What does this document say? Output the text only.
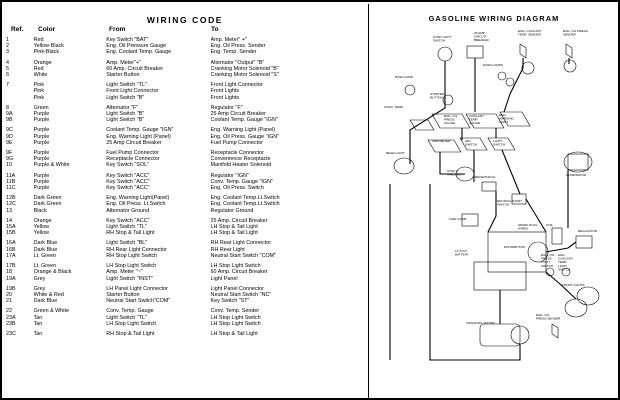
WIRING CODE
Ref. Color	From	To
1	Red	Key Switch "BAT"	Amp. Meter" +"
2	Yellow-Black	Eng. Oil Pressure Gauge	Eng. Oil Press. Sender
3	Pink-Black	Eng. Coolant Temp. Gauge	Eng. Temp. Sender

4	Orange	Amp. Meter"+"	Alternator "Output" "B"
5	Red	60 Amp. Circuit Breaker	Cranking Motor Solenoid "B"
6	White	Starter Button	Cranking Motor Solenoid "S"

7	Pink	Light Switch "TL"	Front Light Connector
	Pink	Front Light Connector	Front Lights
	Pink	Light Switch "B"	Front Lights

8	Green	Alternator "F"	Regulator "F"
9A	Purple	Light Switch "B"	25 Amp Circuit Breaker
9B	Purple	Light Switch "B"	Coolant Temp. Gauge "IGN"

9C	Purple	Coolant Temp. Gauge "IGN"	Eng. Warning Light (Panel)
9D	Purple	Eng. Warning Light (Panel)	Eng. Oil Press. Gauge "IGN"
9E	Purple	25 Amp Circuit Breaker	Fuel Pump Connector

9F	Purple	Fuel Pump Connector	Receptacle Connector
9G	Purple	Receptacle Connector	Convenience Receptacle
10	Purple & White	Key Switch "SOL"	Manifold Heater Solenoid

11A	Purple	Key Switch "ACC"	Regulator "IGN"
11B	Purple	Key Switch "ACC"	Conv. Temp. Gauge "IGN"
11C	Purple	Key Switch "ACC"	Eng. Oil Press. Switch

12B	Dark Green	Eng. Warning Light(Panel)	Eng. Coolant Temp.Lt.Switch
12C	Dark Green	Eng. Oil Press. Lt.Switch	Eng. Coolant Temp.Lt.Switch
13	Black	Alternator Ground	Regulator Ground

14	Orange	Key Switch "ACC"	25 Amp. Circuit Breaker
15A	Yellow	Light Switch "TL"	LH Stop & Tail Light
15B	Yellow	RH Stop & Tail Light	LH Stop & Tail Light

16A	Dark Blue	Light Switch "BL"	RH Rear Light Connector
16B	Dark Blue	RH Rear Light Connector	RH Rear Light
17A	Lt. Green	RH Stop Light Switch	Neutral Start Switch "COM"

17B	Lt. Green	LH Stop Light Switch	LH Stop Light Switch
18	Orange & Black	Amp. Meter "~"	60 Amp. Circuit Breaker
19A	Grey	Light Switch "INST"	Light Panel

19B	Grey	LH Panel Light Connector	Light Panel Connector
20	White & Red	Starter Button	Neutral Start Switch "NC"
21	Dark Blue	Neutral Start Switch"COM"	Key Switch "ST"

22	Green & White	Conv. Temp. Gauge	Conv. Temp. Sender
23A	Tan	Light Switch "TL"	LH Stop Light Switch
23B	Tan	LH Stop Light Switch	LH Stop Light Switch

23C	Tan	RH Stop & Tail Light	LH Stop & Tail Light
GASOLINE WIRING DIAGRAM
STOP LIGHT SWITCH
25 AMP CIRCUIT BREAKER
ENG. COOLANT TEMP. SENDER
ENG. OIL PRESS. SENDER
DASH LAMPS
DASH LAMP
STARTER BUTTON
CONV. TEMP.
ENG. OIL PRESS. GAUGE
COOLANT TEMP. GAUGE
ENG. WARNING LIGHT
AMP METER	KEY SWITCH
LIGHT SWITCH
REAR LIGHT
STOP & TAIL LIGHT
RECEPTACLE	ALTERNATOR
NEUTRAL START SWITCH
FUEL PUMP
SPARK PLUG WIRES
COIL
REGULATOR
DISTRIBUTOR
12 VOLT BATTERY	ENG. OIL PRESS. LIGHT SWITCH
ENG. COOLANT TEMP. LIGHT SWITCH
FRONT LIGHTS
CRANKING MOTOR
ENG. OIL PRESS.SENDER
